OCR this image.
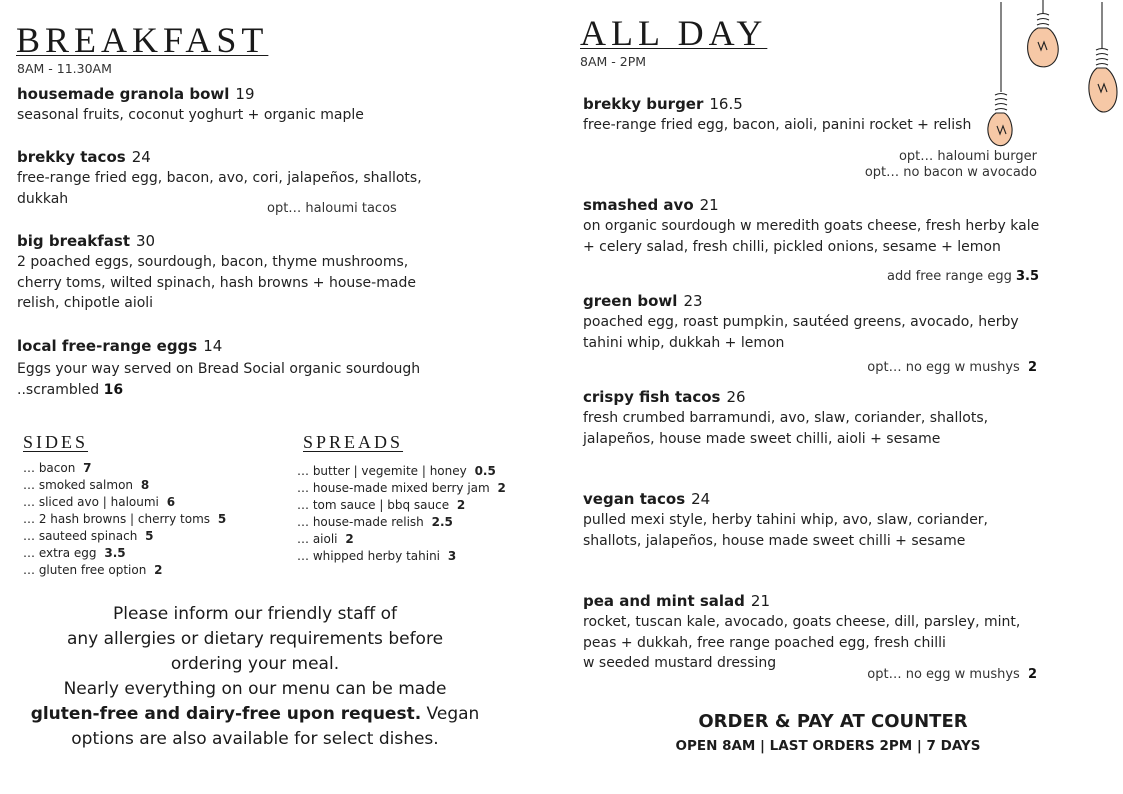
BREAKFAST
8AM - 11.30AM
housemade granola bowl 19
seasonal fruits, coconut yoghurt + organic maple
brekky tacos 24
free-range fried egg, bacon, avo, cori, jalapeños, shallots, dukkah
opt… haloumi tacos
big breakfast 30
2 poached eggs, sourdough, bacon, thyme mushrooms, cherry toms, wilted spinach, hash browns + house-made relish, chipotle aioli
local free-range eggs 14
Eggs your way served on Bread Social organic sourdough
..scrambled 16
SIDES
… bacon 7
… smoked salmon 8
… sliced avo | haloumi 6
… 2 hash browns | cherry toms 5
… sauteed spinach 5
… extra egg 3.5
… gluten free option 2
SPREADS
… butter | vegemite | honey 0.5
… house-made mixed berry jam 2
… tom sauce | bbq sauce 2
… house-made relish 2.5
… aioli 2
… whipped herby tahini 3
Please inform our friendly staff of
any allergies or dietary requirements before
ordering your meal.
Nearly everything on our menu can be made
gluten-free and dairy-free upon request. Vegan
options are also available for select dishes.
ALL DAY
8AM - 2PM
brekky burger 16.5
free-range fried egg, bacon, aioli, panini rocket + relish
opt… haloumi burger
opt… no bacon w avocado
smashed avo 21
on organic sourdough w meredith goats cheese, fresh herby kale + celery salad, fresh chilli, pickled onions, sesame + lemon
add free range egg 3.5
green bowl 23
poached egg, roast pumpkin, sautéed greens, avocado, herby tahini whip, dukkah + lemon
opt… no egg w mushys 2
crispy fish tacos 26
fresh crumbed barramundi, avo, slaw, coriander, shallots, jalapeños, house made sweet chilli, aioli + sesame
vegan tacos 24
pulled mexi style, herby tahini whip, avo, slaw, coriander, shallots, jalapeños, house made sweet chilli + sesame
pea and mint salad 21
rocket, tuscan kale, avocado, goats cheese, dill, parsley, mint,
peas + dukkah, free range poached egg, fresh chilli
w seeded mustard dressing
opt… no egg w mushys 2
ORDER & PAY AT COUNTER
OPEN 8AM | LAST ORDERS 2PM | 7 DAYS
